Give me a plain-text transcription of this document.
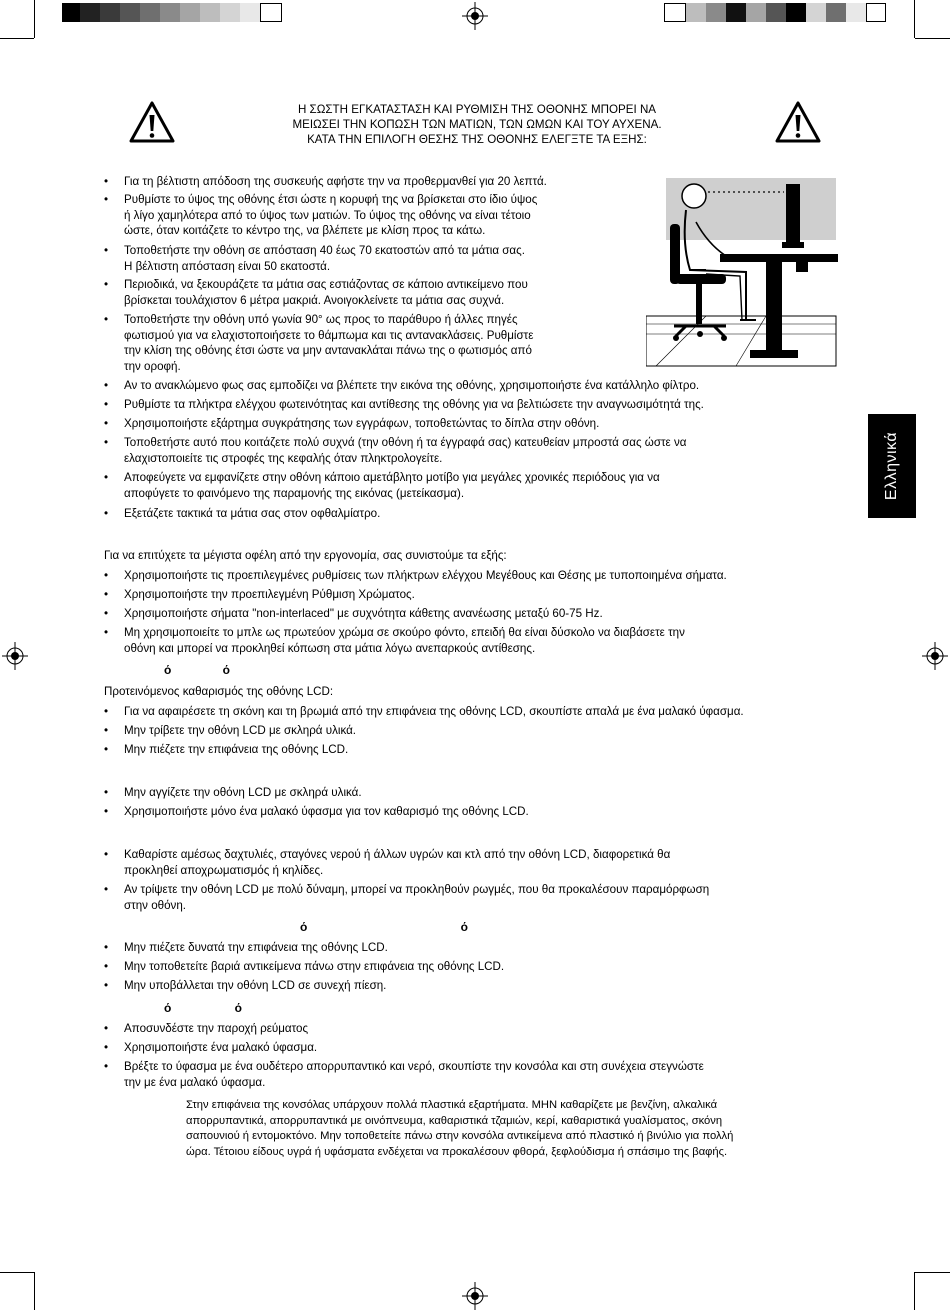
Η ΣΩΣΤΗ ΕΓΚΑΤΑΣΤΑΣΗ ΚΑΙ ΡΥΘΜΙΣΗ ΤΗΣ ΟΘΟΝΗΣ ΜΠΟΡΕΙ ΝΑ
ΜΕΙΩΣΕΙ ΤΗΝ ΚΟΠΩΣΗ ΤΩΝ ΜΑΤΙΩΝ, ΤΩΝ ΩΜΩΝ ΚΑΙ ΤΟΥ ΑΥΧΕΝΑ.
ΚΑΤΑ ΤΗΝ ΕΠΙΛΟΓΗ ΘΕΣΗΣ ΤΗΣ ΟΘΟΝΗΣ ΕΛΕΓΞΤΕ ΤΑ ΕΞΗΣ:
Ελληνικά
• Για τη βέλτιστη απόδοση της συσκευής αφήστε την να προθερμανθεί για 20 λεπτά.
• Ρυθμίστε το ύψος της οθόνης έτσι ώστε η κορυφή της να βρίσκεται στο ίδιο ύψος
ή λίγο χαμηλότερα από το ύψος των ματιών. Το ύψος της οθόνης να είναι τέτοιο
ώστε, όταν κοιτάζετε το κέντρο της, να βλέπετε με κλίση προς τα κάτω.
• Τοποθετήστε την οθόνη σε απόσταση 40 έως 70 εκατοστών από τα μάτια σας.
Η βέλτιστη απόσταση είναι 50 εκατοστά.
• Περιοδικά, να ξεκουράζετε τα μάτια σας εστιάζοντας σε κάποιο αντικείμενο που
βρίσκεται τουλάχιστον 6 μέτρα μακριά. Ανοιγοκλείνετε τα μάτια σας συχνά.
• Τοποθετήστε την οθόνη υπό γωνία 90° ως προς το παράθυρο ή άλλες πηγές
φωτισμού για να ελαχιστοποιήσετε το θάμπωμα και τις αντανακλάσεις. Ρυθμίστε
την κλίση της οθόνης έτσι ώστε να μην αντανακλάται πάνω της ο φωτισμός από
την οροφή.
• Αν το ανακλώμενο φως σας εμποδίζει να βλέπετε την εικόνα της οθόνης, χρησιμοποιήστε ένα κατάλληλο φίλτρο.
• Ρυθμίστε τα πλήκτρα ελέγχου φωτεινότητας και αντίθεσης της οθόνης για να βελτιώσετε την αναγνωσιμότητά της.
• Χρησιμοποιήστε εξάρτημα συγκράτησης των εγγράφων, τοποθετώντας το δίπλα στην οθόνη.
• Τοποθετήστε αυτό που κοιτάζετε πολύ συχνά (την οθόνη ή τα έγγραφά σας) κατευθείαν μπροστά σας ώστε να
ελαχιστοποιείτε τις στροφές της κεφαλής όταν πληκτρολογείτε.
• Αποφεύγετε να εμφανίζετε στην οθόνη κάποιο αμετάβλητο μοτίβο για μεγάλες χρονικές περιόδους για να
αποφύγετε το φαινόμενο της παραμονής της εικόνας (μετείκασμα).
• Εξετάζετε τακτικά τα μάτια σας στον οφθαλμίατρο.
Για να επιτύχετε τα μέγιστα οφέλη από την εργονομία, σας συνιστούμε τα εξής:
• Χρησιμοποιήστε τις προεπιλεγμένες ρυθμίσεις των πλήκτρων ελέγχου Μεγέθους και Θέσης με τυποποιημένα σήματα.
• Χρησιμοποιήστε την προεπιλεγμένη Ρύθμιση Χρώματος.
• Χρησιμοποιήστε σήματα "non-interlaced" με συχνότητα κάθετης ανανέωσης μεταξύ 60-75 Hz.
• Μη χρησιμοποιείτε το μπλε ως πρωτεύον χρώμα σε σκούρο φόντο, επειδή θα είναι δύσκολο να διαβάσετε την
οθόνη και μπορεί να προκληθεί κόπωση στα μάτια λόγω ανεπαρκούς αντίθεσης.
ό ό
Προτεινόμενος καθαρισμός της οθόνης LCD:
• Για να αφαιρέσετε τη σκόνη και τη βρωμιά από την επιφάνεια της οθόνης LCD, σκουπίστε απαλά με ένα μαλακό ύφασμα.
• Μην τρίβετε την οθόνη LCD με σκληρά υλικά.
• Μην πιέζετε την επιφάνεια της οθόνης LCD.
• Μην αγγίζετε την οθόνη LCD με σκληρά υλικά.
• Χρησιμοποιήστε μόνο ένα μαλακό ύφασμα για τον καθαρισμό της οθόνης LCD.
• Καθαρίστε αμέσως δαχτυλιές, σταγόνες νερού ή άλλων υγρών και κτλ από την οθόνη LCD, διαφορετικά θα
προκληθεί αποχρωματισμός ή κηλίδες.
• Αν τρίψετε την οθόνη LCD με πολύ δύναμη, μπορεί να προκληθούν ρωγμές, που θα προκαλέσουν παραμόρφωση
στην οθόνη.
ό ό
• Μην πιέζετε δυνατά την επιφάνεια της οθόνης LCD.
• Μην τοποθετείτε βαριά αντικείμενα πάνω στην επιφάνεια της οθόνης LCD.
• Μην υποβάλλεται την οθόνη LCD σε συνεχή πίεση.
ό ό
• Αποσυνδέστε την παροχή ρεύματος
• Χρησιμοποιήστε ένα μαλακό ύφασμα.
• Βρέξτε το ύφασμα με ένα ουδέτερο απορρυπαντικό και νερό, σκουπίστε την κονσόλα και στη συνέχεια στεγνώστε
την με ένα μαλακό ύφασμα.
Στην επιφάνεια της κονσόλας υπάρχουν πολλά πλαστικά εξαρτήματα. ΜΗΝ καθαρίζετε με βενζίνη, αλκαλικά
απορρυπαντικά, απορρυπαντικά με οινόπνευμα, καθαριστικά τζαμιών, κερί, καθαριστικά γυαλίσματος, σκόνη
σαπουνιού ή εντομοκτόνο. Μην τοποθετείτε πάνω στην κονσόλα αντικείμενα από πλαστικό ή βινύλιο για πολλή
ώρα. Τέτοιου είδους υγρά ή υφάσματα ενδέχεται να προκαλέσουν φθορά, ξεφλούδισμα ή σπάσιμο της βαφής.
